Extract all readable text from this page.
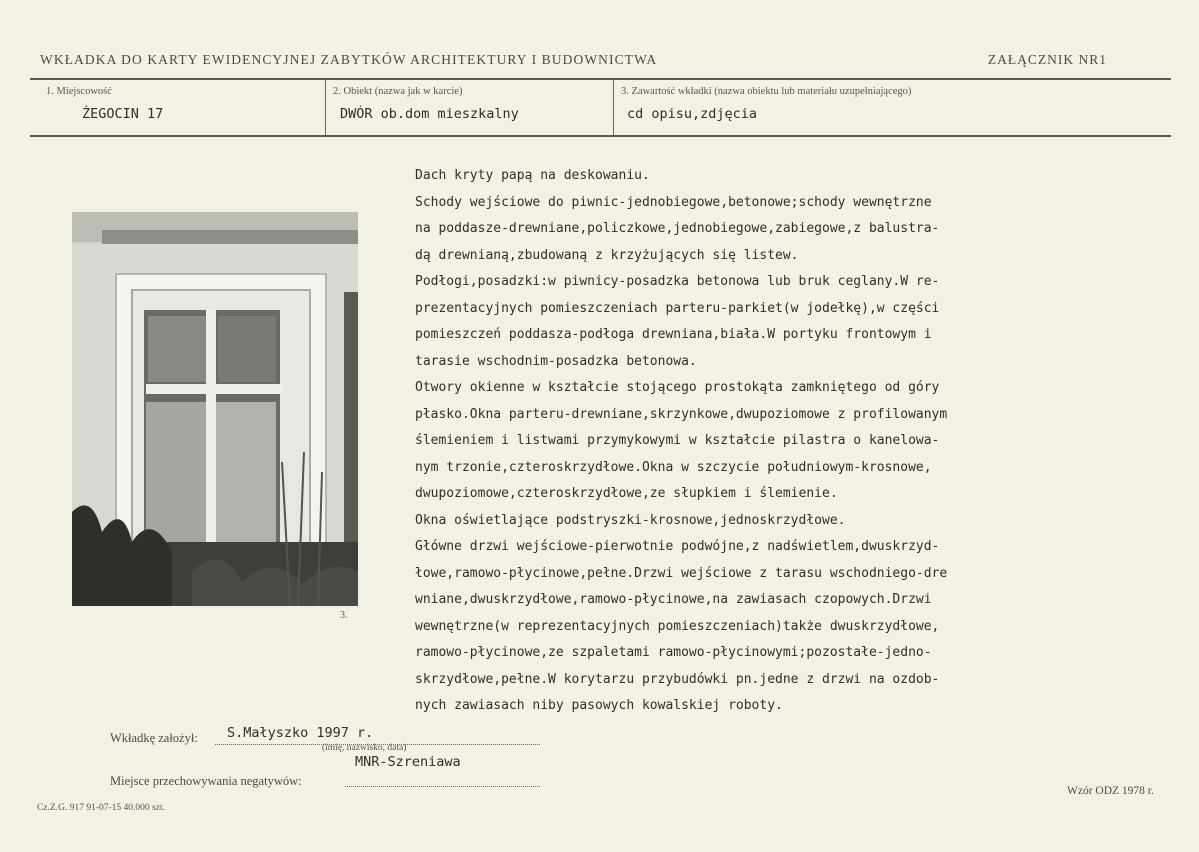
WKŁADKA DO KARTY EWIDENCYJNEJ ZABYTKÓW ARCHITEKTURY I BUDOWNICTWA	ZAŁĄCZNIK NR1
1. Miejscowość
ŻEGOCIN 17
2. Obiekt (nazwa jak w karcie)
DWÓR ob.dom mieszkalny
3. Zawartość wkładki (nazwa obiektu lub materiału uzupełniającego)
cd opisu,zdjęcia
3.
Dach kryty papą na deskowaniu.
Schody wejściowe do piwnic-jednobiegowe,betonowe;schody wewnętrzne
na poddasze-drewniane,policzkowe,jednobiegowe,zabiegowe,z balustra-
dą drewnianą,zbudowaną z krzyżujących się listew.
Podłogi,posadzki:w piwnicy-posadzka betonowa lub bruk ceglany.W re-
prezentacyjnych pomieszczeniach parteru-parkiet(w jodełkę),w części
pomieszczeń poddasza-podłoga drewniana,biała.W portyku frontowym i
tarasie wschodnim-posadzka betonowa.
Otwory okienne w kształcie stojącego prostokąta zamkniętego od góry
płasko.Okna parteru-drewniane,skrzynkowe,dwupoziomowe z profilowanym
ślemieniem i listwami przymykowymi w kształcie pilastra o kanelowa-
nym trzonie,czteroskrzydłowe.Okna w szczycie południowym-krosnowe,
dwupoziomowe,czteroskrzydłowe,ze słupkiem i ślemienie.
Okna oświetlające podstryszki-krosnowe,jednoskrzydłowe.
Główne drzwi wejściowe-pierwotnie podwójne,z nadświetlem,dwuskrzyd-
łowe,ramowo-płycinowe,pełne.Drzwi wejściowe z tarasu wschodniego-dre
wniane,dwuskrzydłowe,ramowo-płycinowe,na zawiasach czopowych.Drzwi
wewnętrzne(w reprezentacyjnych pomieszczeniach)także dwuskrzydłowe,
ramowo-płycinowe,ze szpaletami ramowo-płycinowymi;pozostałe-jedno-
skrzydłowe,pełne.W korytarzu przybudówki pn.jedne z drzwi na ozdob-
nych zawiasach niby pasowych kowalskiej roboty.
Wkładkę założył: S.Małyszko 1997 r.
(imię, nazwisko, data)
MNR-Szreniawa
Miejsce przechowywania negatywów:
Cz.Z.G. 917 91-07-15 40.000 szt.
Wzór ODZ 1978 r.
